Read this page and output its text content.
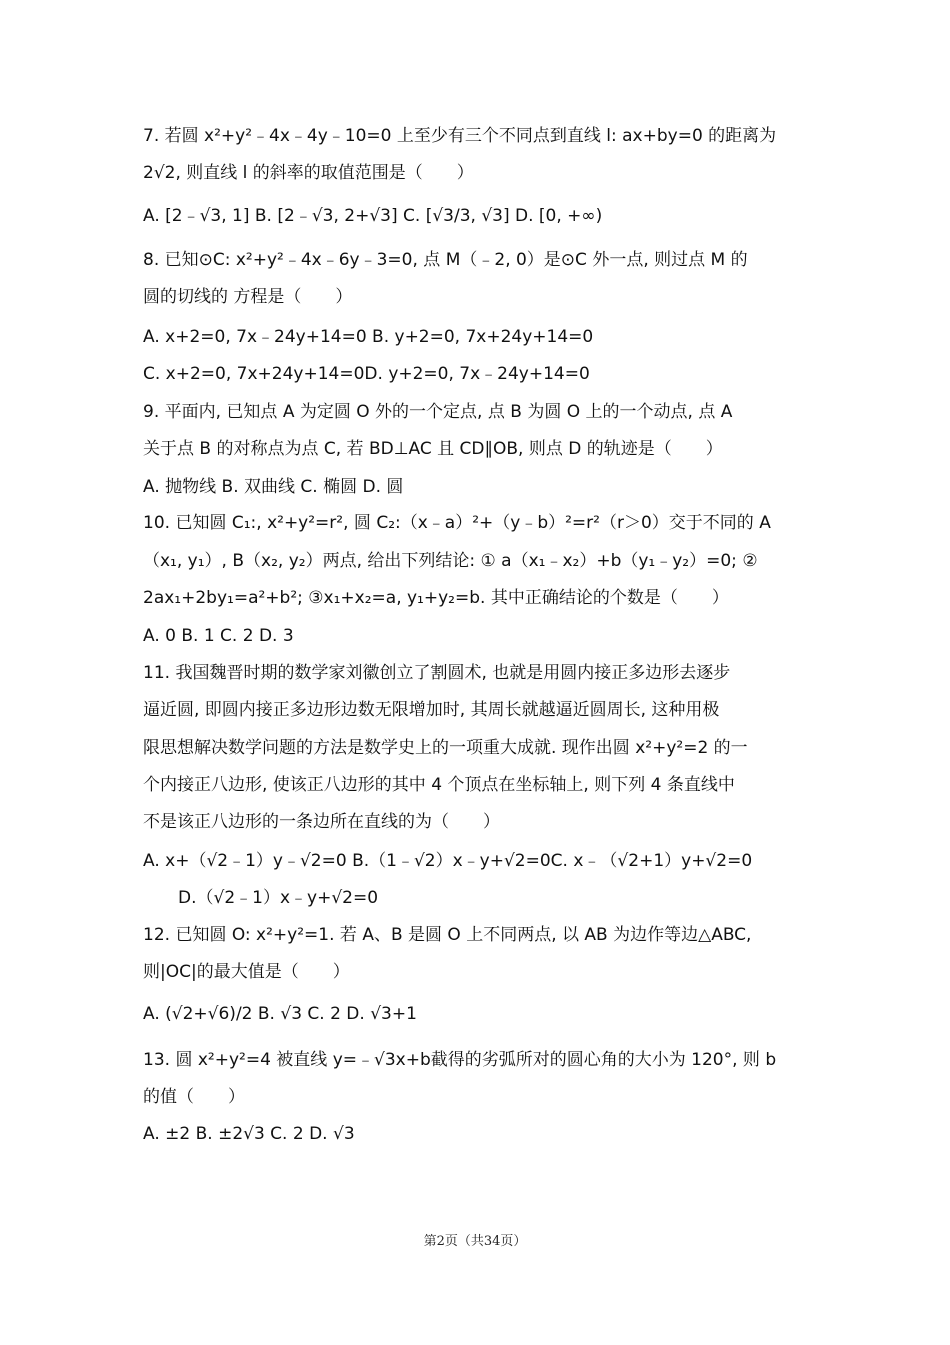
7. 若圆 x²+y²﹣4x﹣4y﹣10=0 上至少有三个不同点到直线 l: ax+by=0 的距离为
2√2, 则直线 l 的斜率的取值范围是（　　）
A. [2﹣√3, 1] B. [2﹣√3, 2+√3] C. [√3/3, √3] D. [0, +∞)
8. 已知⊙C: x²+y²﹣4x﹣6y﹣3=0, 点 M（﹣2, 0）是⊙C 外一点, 则过点 M 的
圆的切线的 方程是（　　）
A. x+2=0, 7x﹣24y+14=0 B. y+2=0, 7x+24y+14=0
C. x+2=0, 7x+24y+14=0D. y+2=0, 7x﹣24y+14=0
9. 平面内, 已知点 A 为定圆 O 外的一个定点, 点 B 为圆 O 上的一个动点, 点 A
关于点 B 的对称点为点 C, 若 BD⊥AC 且 CD∥OB, 则点 D 的轨迹是（　　）
A. 抛物线 B. 双曲线 C. 椭圆 D. 圆
10. 已知圆 C₁:, x²+y²=r², 圆 C₂:（x﹣a）²+（y﹣b）²=r²（r＞0）交于不同的 A
（x₁, y₁）, B（x₂, y₂）两点, 给出下列结论: ① a（x₁﹣x₂）+b（y₁﹣y₂）=0; ②
2ax₁+2by₁=a²+b²; ③x₁+x₂=a, y₁+y₂=b. 其中正确结论的个数是（　　）
A. 0 B. 1 C. 2 D. 3
11. 我国魏晋时期的数学家刘徽创立了割圆术, 也就是用圆内接正多边形去逐步
逼近圆, 即圆内接正多边形边数无限增加时, 其周长就越逼近圆周长, 这种用极
限思想解决数学问题的方法是数学史上的一项重大成就. 现作出圆 x²+y²=2 的一
个内接正八边形, 使该正八边形的其中 4 个顶点在坐标轴上, 则下列 4 条直线中
不是该正八边形的一条边所在直线的为（　　）
A. x+（√2﹣1）y﹣√2=0 B.（1﹣√2）x﹣y+√2=0C. x﹣（√2+1）y+√2=0
D.（√2﹣1）x﹣y+√2=0
12. 已知圆 O: x²+y²=1. 若 A、B 是圆 O 上不同两点, 以 AB 为边作等边△ABC,
则|OC|的最大值是（　　）
A. (√2+√6)/2 B. √3 C. 2 D. √3+1
13. 圆 x²+y²=4 被直线 y=﹣√3x+b截得的劣弧所对的圆心角的大小为 120°, 则 b
的值（　　）
A. ±2 B. ±2√3 C. 2 D. √3
第2页（共34页）
